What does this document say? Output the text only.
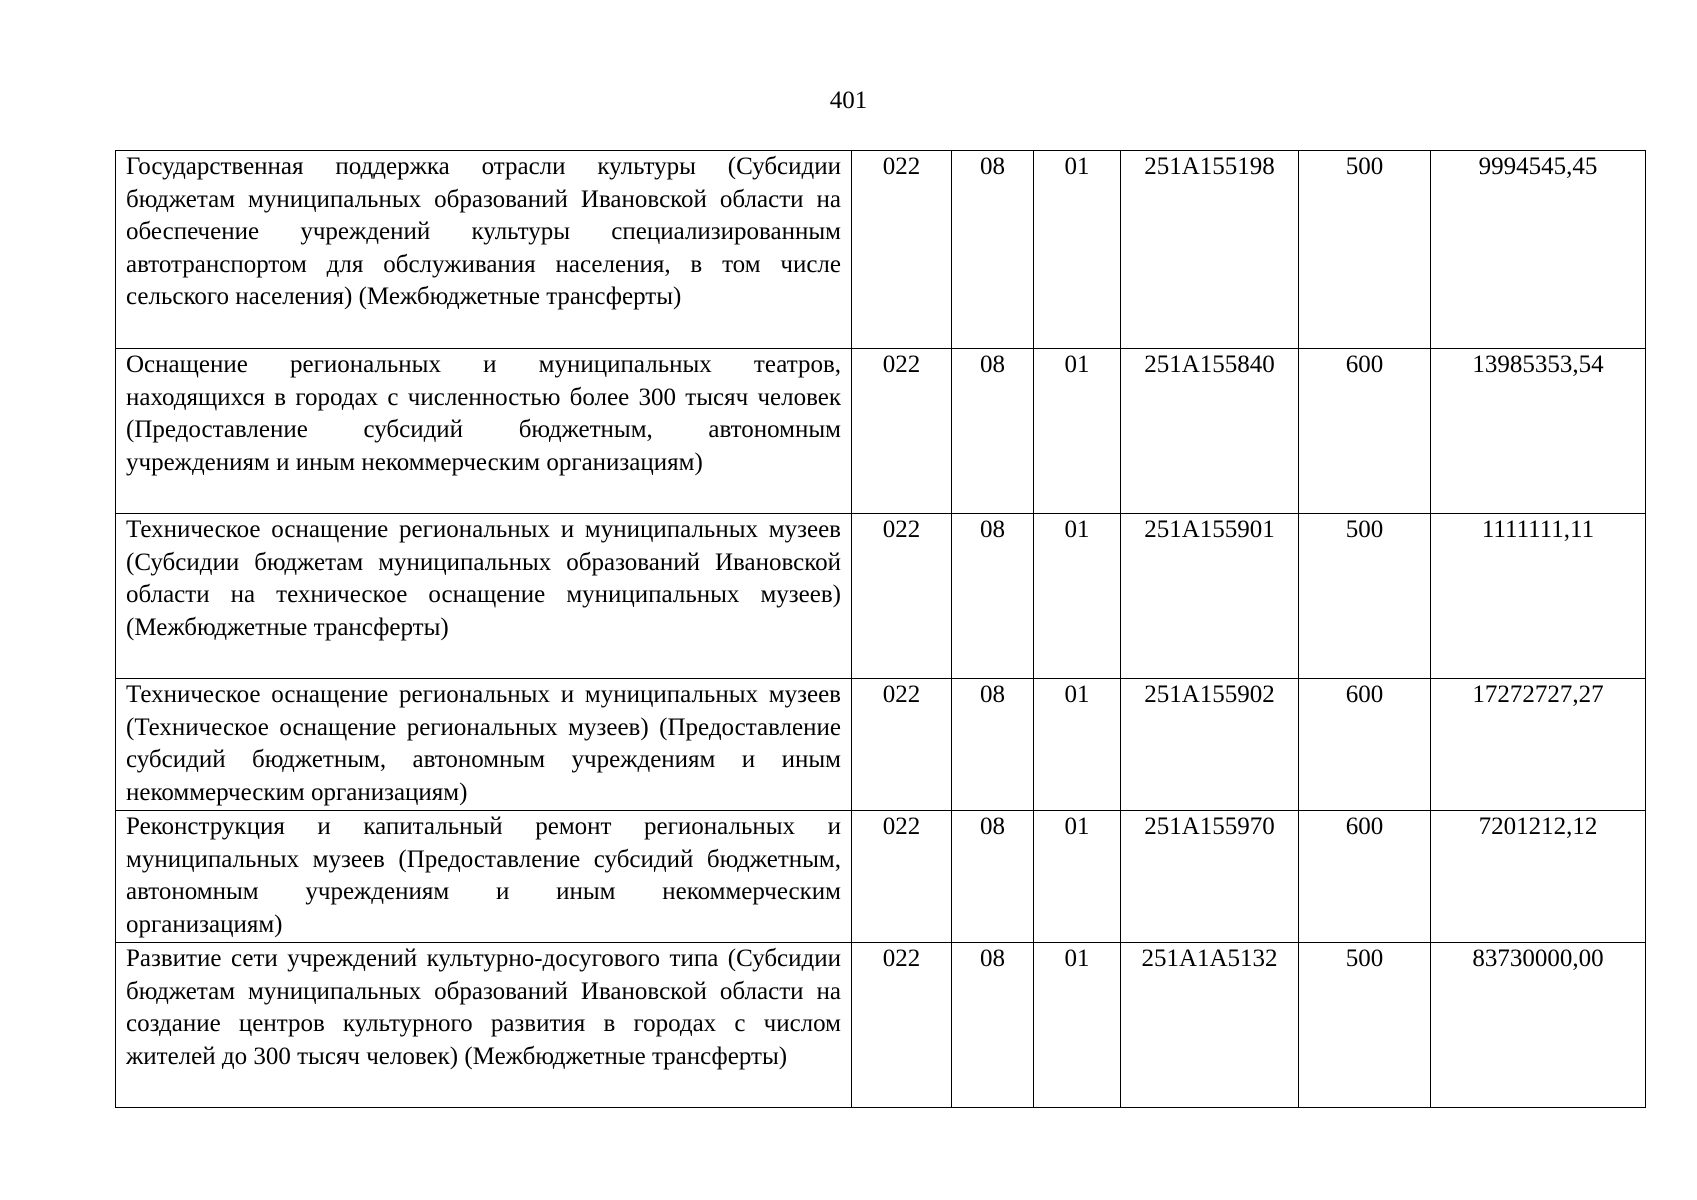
401
Государственная поддержка отрасли культуры (Субсидии бюджетам муниципальных образований Ивановской области на обеспечение учреждений культуры специализированным автотранспортом для обслуживания населения, в том числе сельского населения) (Межбюджетные трансферты)	022	08	01	251A155198	500	9994545,45
Оснащение региональных и муниципальных театров, находящихся в городах с численностью более 300 тысяч человек (Предоставление субсидий бюджетным, автономным учреждениям и иным некоммерческим организациям)	022	08	01	251A155840	600	13985353,54
Техническое оснащение региональных и муниципальных музеев (Субсидии бюджетам муниципальных образований Ивановской области на техническое оснащение муниципальных музеев) (Межбюджетные трансферты)	022	08	01	251A155901	500	1111111,11
Техническое оснащение региональных и муниципальных музеев (Техническое оснащение региональных музеев) (Предоставление субсидий бюджетным, автономным учреждениям и иным некоммерческим организациям)	022	08	01	251A155902	600	17272727,27
Реконструкция и капитальный ремонт региональных и муниципальных музеев (Предоставление субсидий бюджетным, автономным учреждениям и иным некоммерческим организациям)	022	08	01	251A155970	600	7201212,12
Развитие сети учреждений культурно-досугового типа (Субсидии бюджетам муниципальных образований Ивановской области на создание центров культурного развития в городах с числом жителей до 300 тысяч человек) (Межбюджетные трансферты)	022	08	01	251A1A5132	500	83730000,00
